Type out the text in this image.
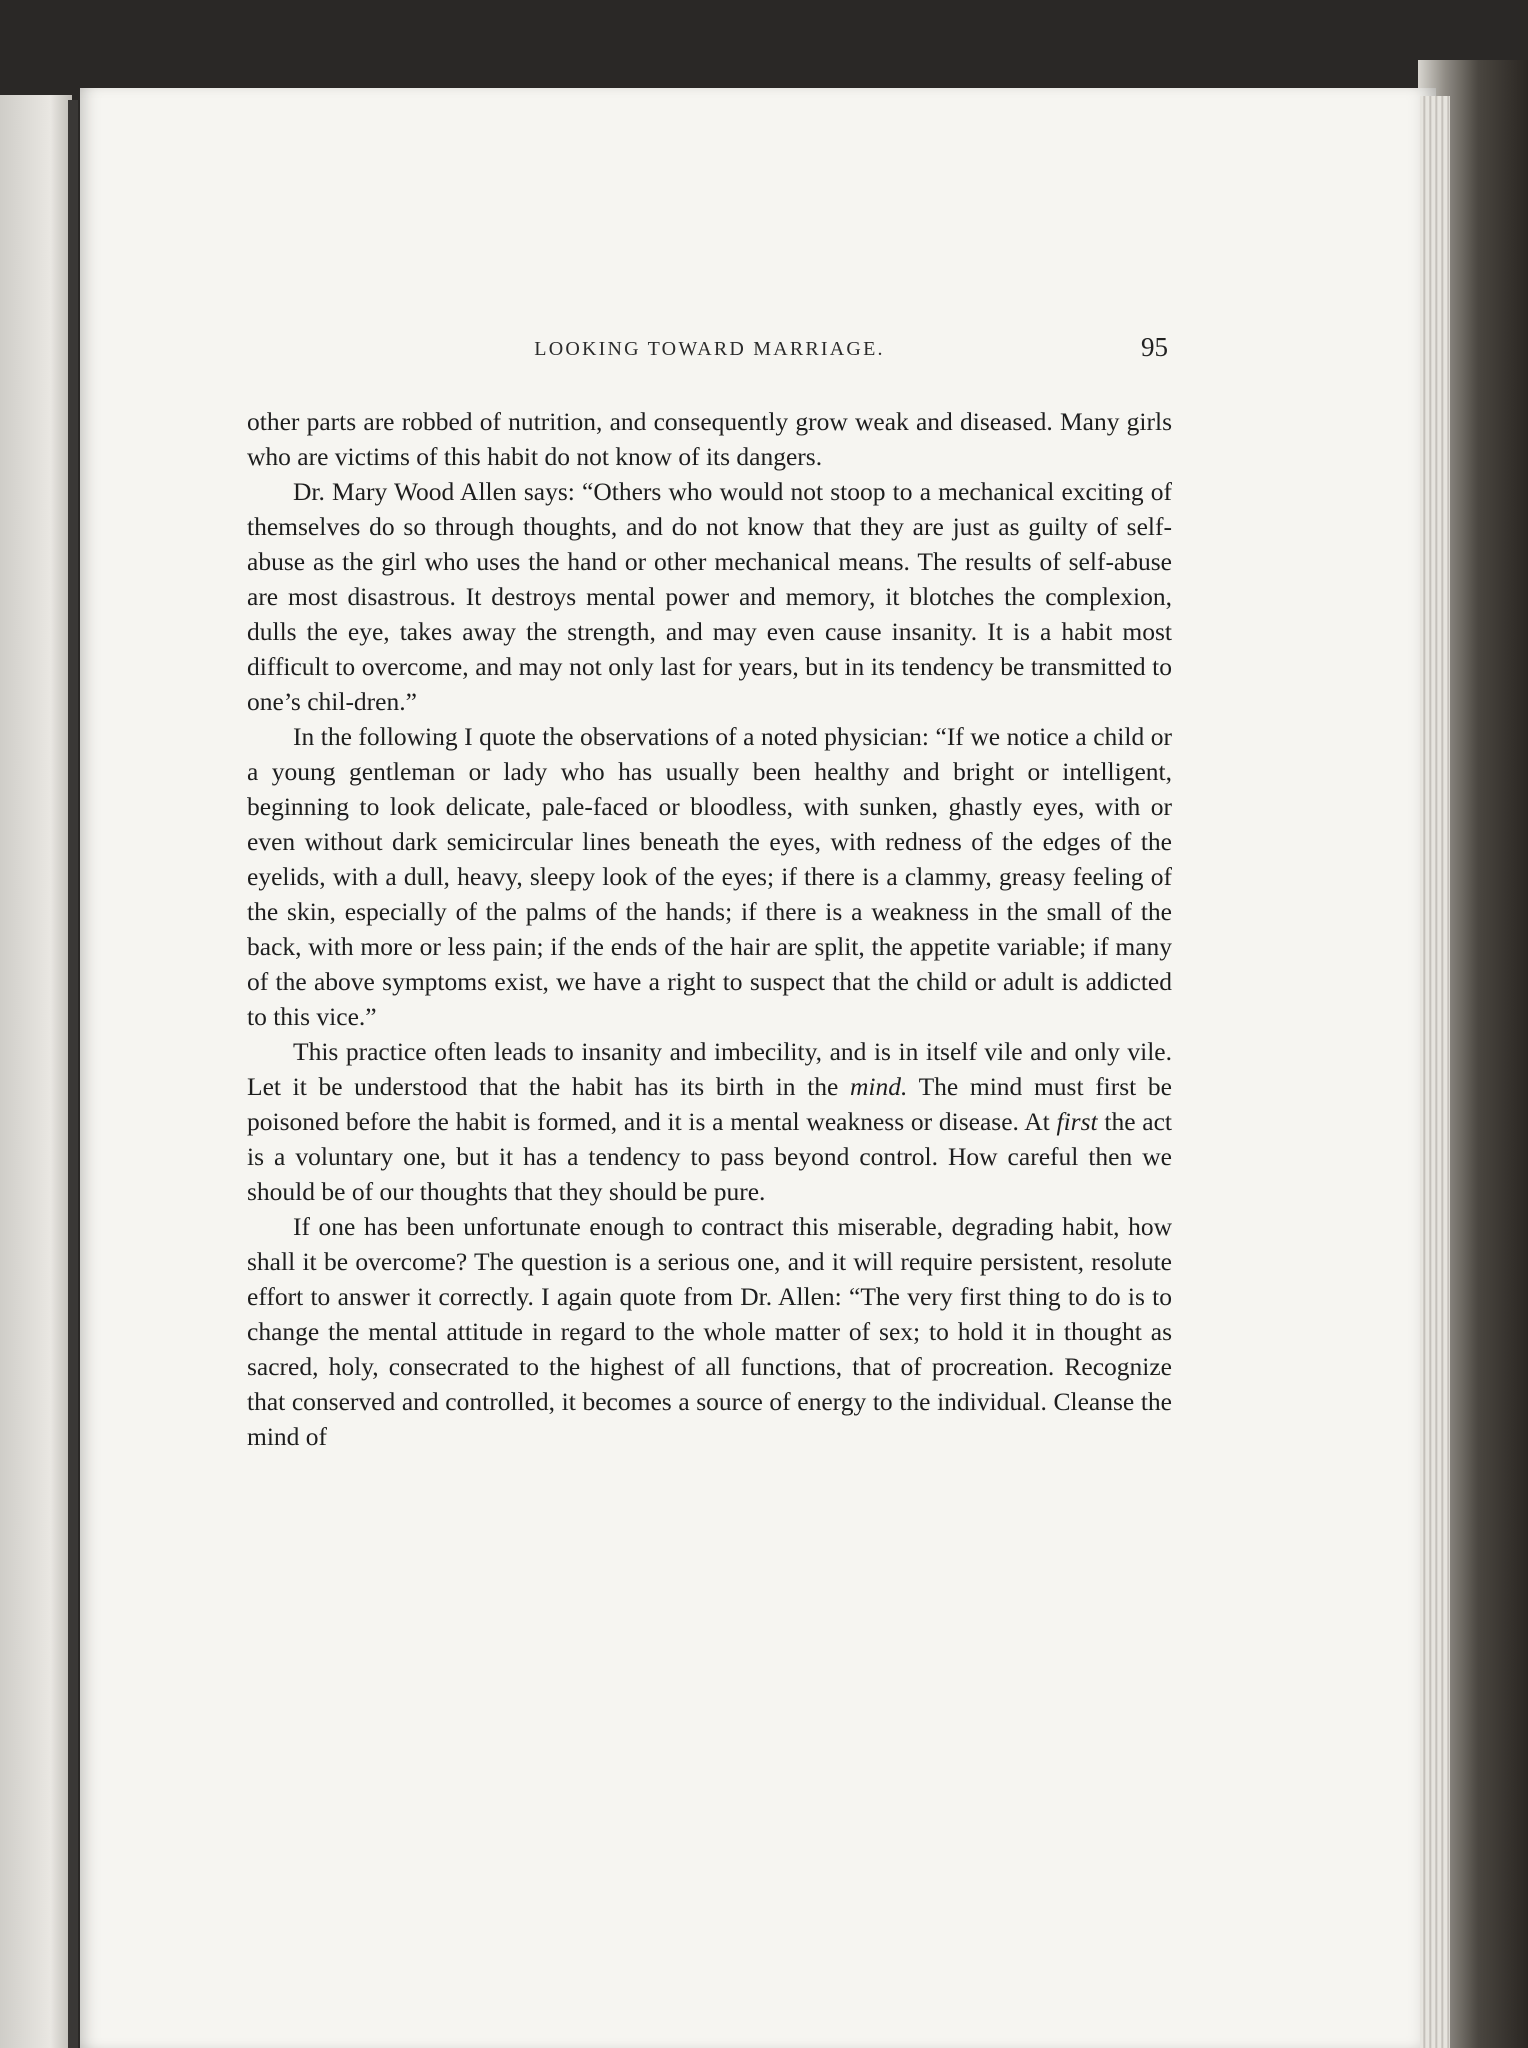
LOOKING TOWARD MARRIAGE.	95

other parts are robbed of nutrition, and consequently grow weak and diseased. Many girls who are victims of this habit do not know of its dangers.

Dr. Mary Wood Allen says: “Others who would not stoop to a mechanical exciting of themselves do so through thoughts, and do not know that they are just as guilty of self-abuse as the girl who uses the hand or other mechanical means. The results of self-abuse are most disastrous. It destroys mental power and memory, it blotches the complexion, dulls the eye, takes away the strength, and may even cause insanity. It is a habit most difficult to overcome, and may not only last for years, but in its tendency be transmitted to one’s chil-dren.”

In the following I quote the observations of a noted physician: “If we notice a child or a young gentleman or lady who has usually been healthy and bright or intelligent, beginning to look delicate, pale-faced or bloodless, with sunken, ghastly eyes, with or even without dark semicircular lines beneath the eyes, with redness of the edges of the eyelids, with a dull, heavy, sleepy look of the eyes; if there is a clammy, greasy feeling of the skin, especially of the palms of the hands; if there is a weakness in the small of the back, with more or less pain; if the ends of the hair are split, the appetite variable; if many of the above symptoms exist, we have a right to suspect that the child or adult is addicted to this vice.”

This practice often leads to insanity and imbecility, and is in itself vile and only vile. Let it be understood that the habit has its birth in the mind. The mind must first be poisoned before the habit is formed, and it is a mental weakness or disease. At first the act is a voluntary one, but it has a tendency to pass beyond control. How careful then we should be of our thoughts that they should be pure.

If one has been unfortunate enough to contract this miserable, degrading habit, how shall it be overcome? The question is a serious one, and it will require persistent, resolute effort to answer it correctly. I again quote from Dr. Allen: “The very first thing to do is to change the mental attitude in regard to the whole matter of sex; to hold it in thought as sacred, holy, consecrated to the highest of all functions, that of procreation. Recognize that conserved and controlled, it becomes a source of energy to the individual. Cleanse the mind of
